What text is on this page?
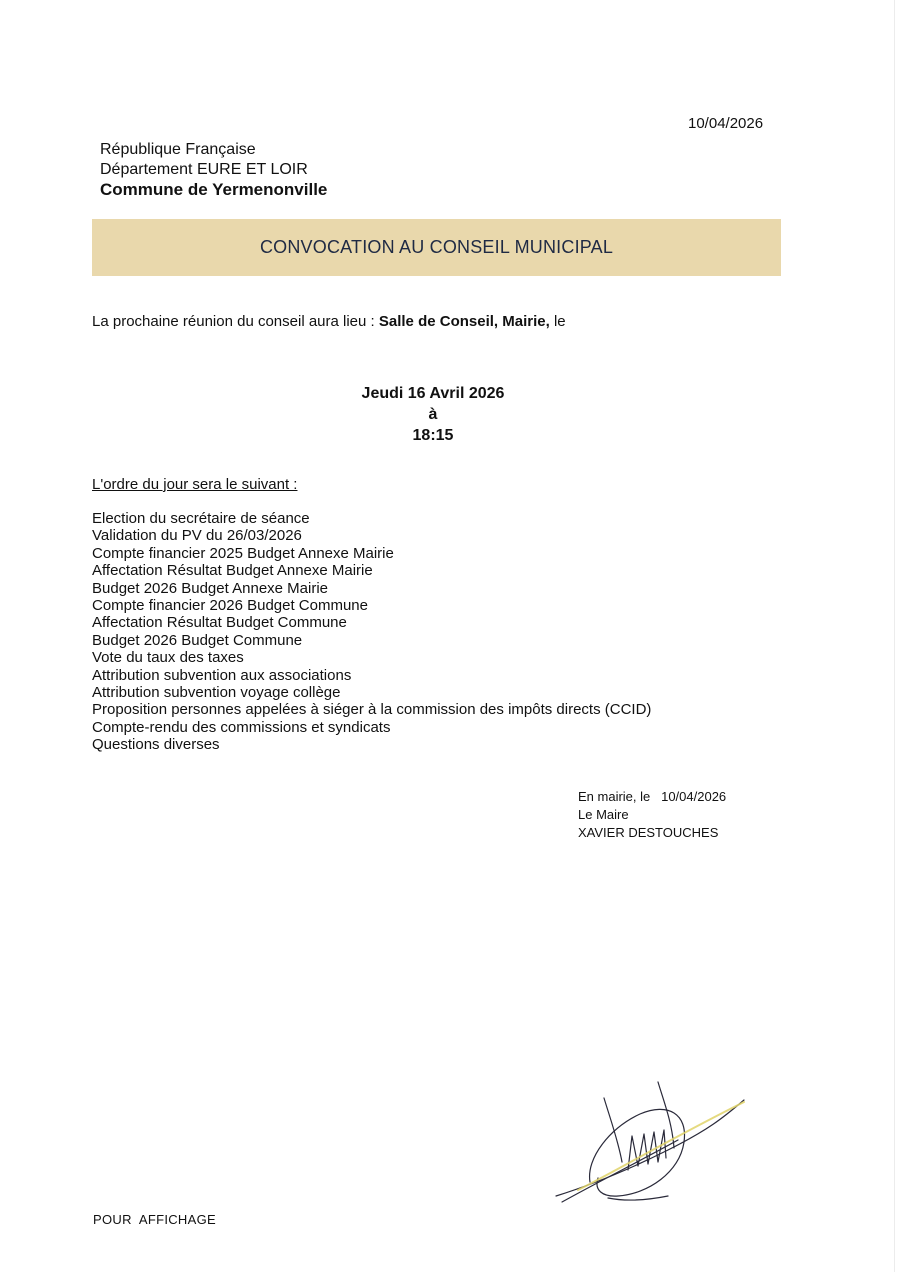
10/04/2026
République Française
Département EURE ET LOIR
Commune de Yermenonville
CONVOCATION AU CONSEIL MUNICIPAL
La prochaine réunion du conseil aura lieu : Salle de Conseil, Mairie, le
Jeudi 16 Avril 2026
à
18:15
L'ordre du jour sera le suivant :
Election du secrétaire de séance
Validation du PV du 26/03/2026
Compte financier 2025 Budget Annexe Mairie
Affectation Résultat Budget Annexe Mairie
Budget 2026 Budget Annexe Mairie
Compte financier 2026 Budget Commune
Affectation Résultat Budget Commune
Budget 2026 Budget Commune
Vote du taux des taxes
Attribution subvention aux associations
Attribution subvention voyage collège
Proposition personnes appelées à siéger à la commission des impôts directs (CCID)
Compte-rendu des commissions et syndicats
Questions diverses
En mairie, le   10/04/2026
Le Maire
XAVIER DESTOUCHES
POUR  AFFICHAGE
